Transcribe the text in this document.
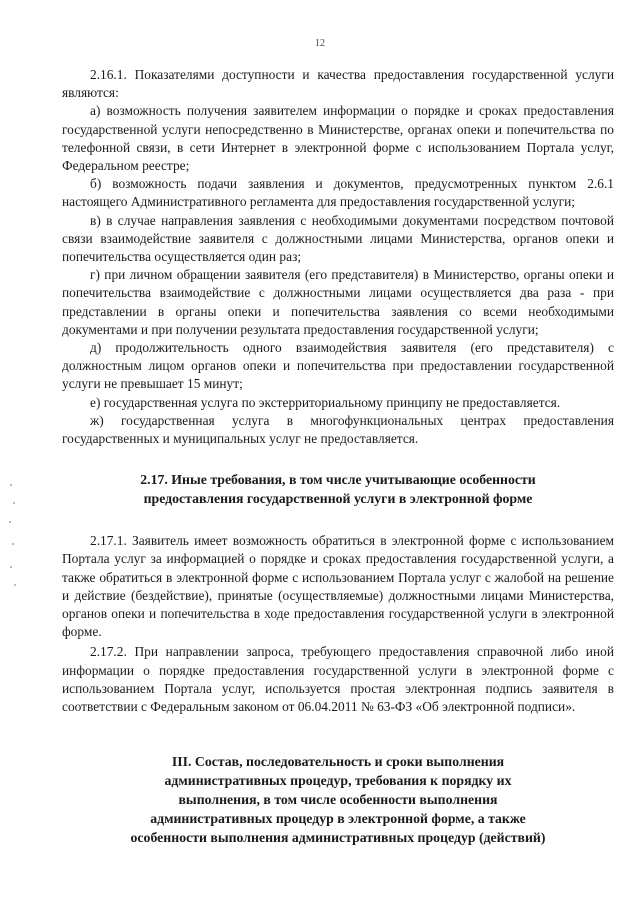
12

2.16.1. Показателями доступности и качества предоставления государственной услуги являются:

а) возможность получения заявителем информации о порядке и сроках предоставления государственной услуги непосредственно в Министерстве, органах опеки и попечительства по телефонной связи, в сети Интернет в электронной форме с использованием Портала услуг, Федеральном реестре;

б) возможность подачи заявления и документов, предусмотренных пунктом 2.6.1 настоящего Административного регламента для предоставления государственной услуги;

в) в случае направления заявления с необходимыми документами посредством почтовой связи взаимодействие заявителя с должностными лицами Министерства, органов опеки и попечительства осуществляется один раз;

г) при личном обращении заявителя (его представителя) в Министерство, органы опеки и попечительства взаимодействие с должностными лицами осуществляется два раза - при представлении в органы опеки и попечительства заявления со всеми необходимыми документами и при получении результата предоставления государственной услуги;

д) продолжительность одного взаимодействия заявителя (его представителя) с должностным лицом органов опеки и попечительства при предоставлении государственной услуги не превышает 15 минут;

е) государственная услуга по экстерриториальному принципу не предоставляется.

ж) государственная услуга в многофункциональных центрах предоставления государственных и муниципальных услуг не предоставляется.

2.17. Иные требования, в том числе учитывающие особенности
предоставления государственной услуги в электронной форме

2.17.1. Заявитель имеет возможность обратиться в электронной форме с использованием Портала услуг за информацией о порядке и сроках предоставления государственной услуги, а также обратиться в электронной форме с использованием Портала услуг с жалобой на решение и действие (бездействие), принятые (осуществляемые) должностными лицами Министерства, органов опеки и попечительства в ходе предоставления государственной услуги в электронной форме.

2.17.2. При направлении запроса, требующего предоставления справочной либо иной информации о порядке предоставления государственной услуги в электронной форме с использованием Портала услуг, используется простая электронная подпись заявителя в соответствии с Федеральным законом от 06.04.2011 № 63-ФЗ «Об электронной подписи».

III. Состав, последовательность и сроки выполнения
административных процедур, требования к порядку их
выполнения, в том числе особенности выполнения
административных процедур в электронной форме, а также
особенности выполнения административных процедур (действий)
